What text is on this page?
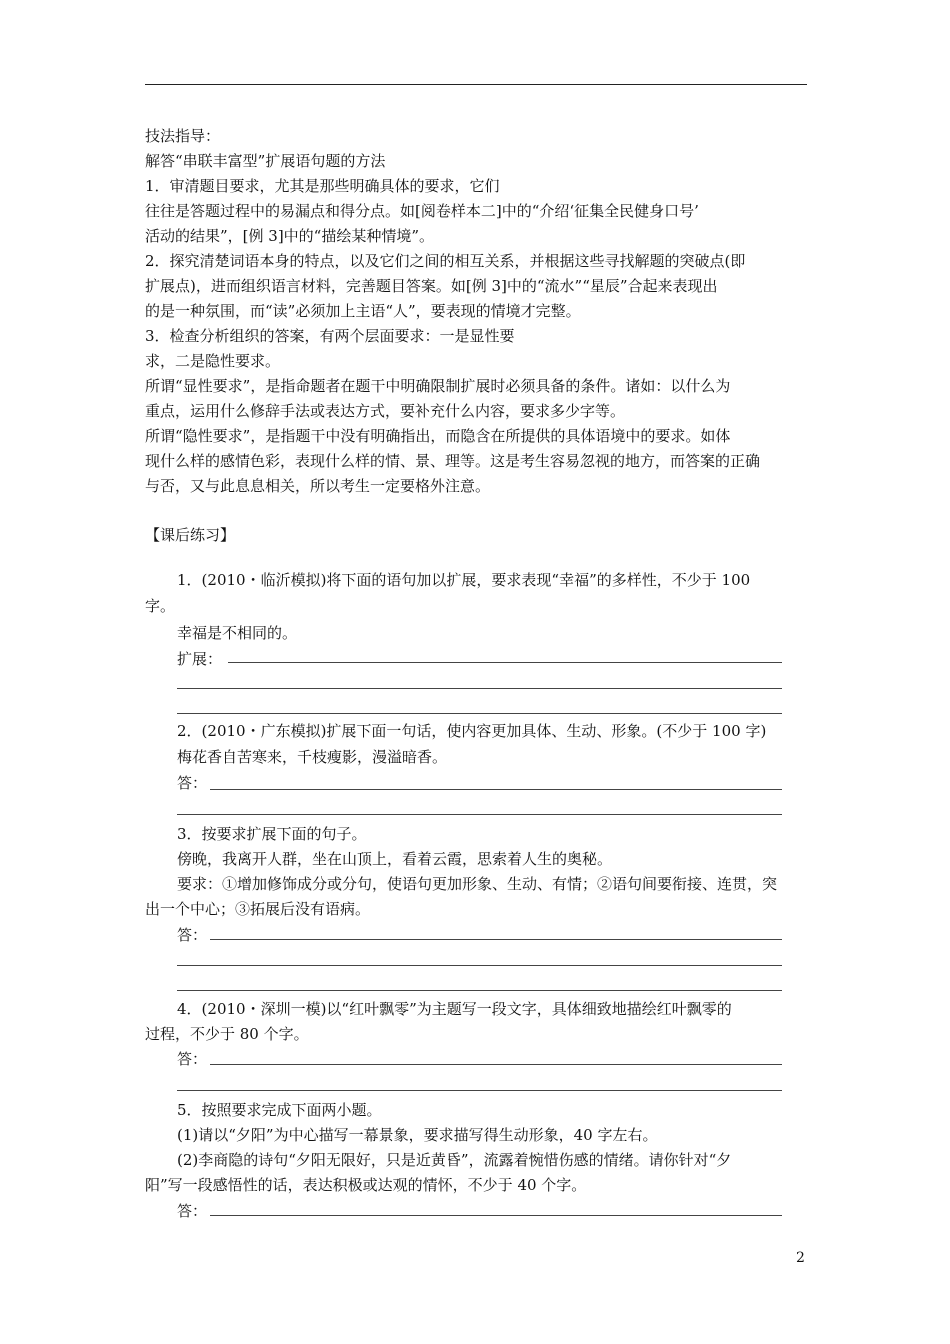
技法指导：
解答“串联丰富型”扩展语句题的方法
1．审清题目要求，尤其是那些明确具体的要求，它们
往往是答题过程中的易漏点和得分点。如[阅卷样本二]中的“介绍‘征集全民健身口号’
活动的结果”，[例 3]中的“描绘某种情境”。
2．探究清楚词语本身的特点，以及它们之间的相互关系，并根据这些寻找解题的突破点(即
扩展点)，进而组织语言材料，完善题目答案。如[例 3]中的“流水”“星辰”合起来表现出
的是一种氛围，而“读”必须加上主语“人”，要表现的情境才完整。
3．检查分析组织的答案，有两个层面要求：一是显性要
求，二是隐性要求。
所谓“显性要求”，是指命题者在题干中明确限制扩展时必须具备的条件。诸如：以什么为
重点，运用什么修辞手法或表达方式，要补充什么内容，要求多少字等。
所谓“隐性要求”，是指题干中没有明确指出，而隐含在所提供的具体语境中的要求。如体
现什么样的感情色彩，表现什么样的情、景、理等。这是考生容易忽视的地方，而答案的正确
与否，又与此息息相关，所以考生一定要格外注意。
【课后练习】
1．(2010・临沂模拟)将下面的语句加以扩展，要求表现“幸福”的多样性，不少于 100
字。
幸福是不相同的。
扩展：
2．(2010・广东模拟)扩展下面一句话，使内容更加具体、生动、形象。(不少于 100 字)
梅花香自苦寒来，千枝瘦影，漫溢暗香。
答：
3．按要求扩展下面的句子。
傍晚，我离开人群，坐在山顶上，看着云霞，思索着人生的奥秘。
要求：①增加修饰成分或分句，使语句更加形象、生动、有情；②语句间要衔接、连贯，突
出一个中心；③拓展后没有语病。
答：
4．(2010・深圳一模)以“红叶飘零”为主题写一段文字，具体细致地描绘红叶飘零的
过程，不少于 80 个字。
答：
5．按照要求完成下面两小题。
(1)请以“夕阳”为中心描写一幕景象，要求描写得生动形象，40 字左右。
(2)李商隐的诗句“夕阳无限好，只是近黄昏”，流露着惋惜伤感的情绪。请你针对“夕
阳”写一段感悟性的话，表达积极或达观的情怀，不少于 40 个字。
答：
2
